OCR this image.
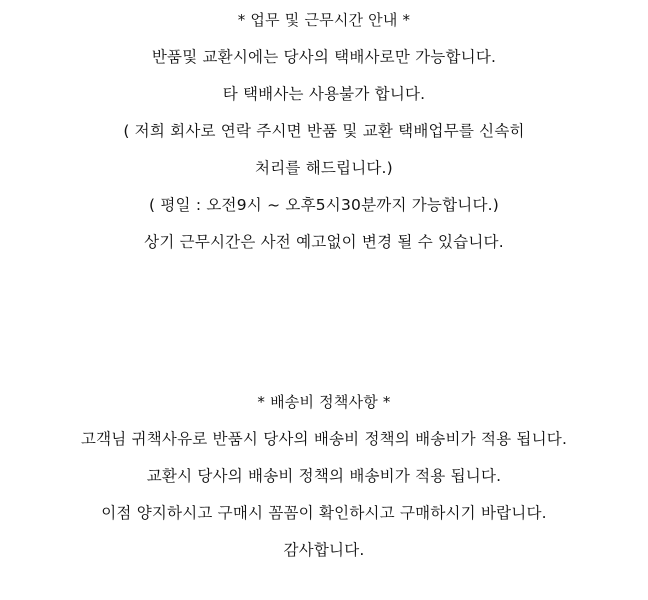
* 업무 및 근무시간 안내 *
반품및 교환시에는 당사의 택배사로만 가능합니다.
타 택배사는 사용불가 합니다.
( 저희 회사로 연락 주시면 반품 및 교환 택배업무를 신속히
처리를 해드립니다.)
( 평일 : 오전9시 ~ 오후5시30분까지 가능합니다.)
상기 근무시간은 사전 예고없이 변경 될 수 있습니다.
* 배송비 정책사항 *
고객님 귀책사유로 반품시 당사의 배송비 정책의 배송비가 적용 됩니다.
교환시 당사의 배송비 정책의 배송비가 적용 됩니다.
이점 양지하시고 구매시 꼼꼼이 확인하시고 구매하시기 바랍니다.
감사합니다.
